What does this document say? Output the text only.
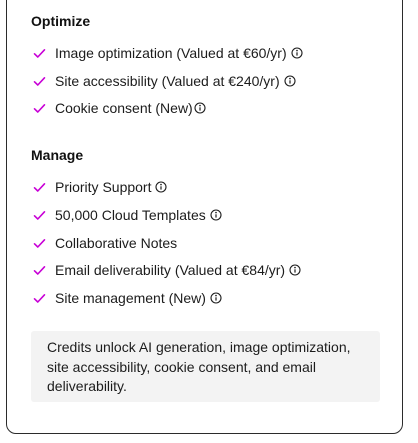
Optimize
Image optimization (Valued at €60/yr)
Site accessibility (Valued at €240/yr)
Cookie consent (New)
Manage
Priority Support
50,000 Cloud Templates
Collaborative Notes
Email deliverability (Valued at €84/yr)
Site management (New)
Credits unlock AI generation, image optimization, site accessibility, cookie consent, and email deliverability.
